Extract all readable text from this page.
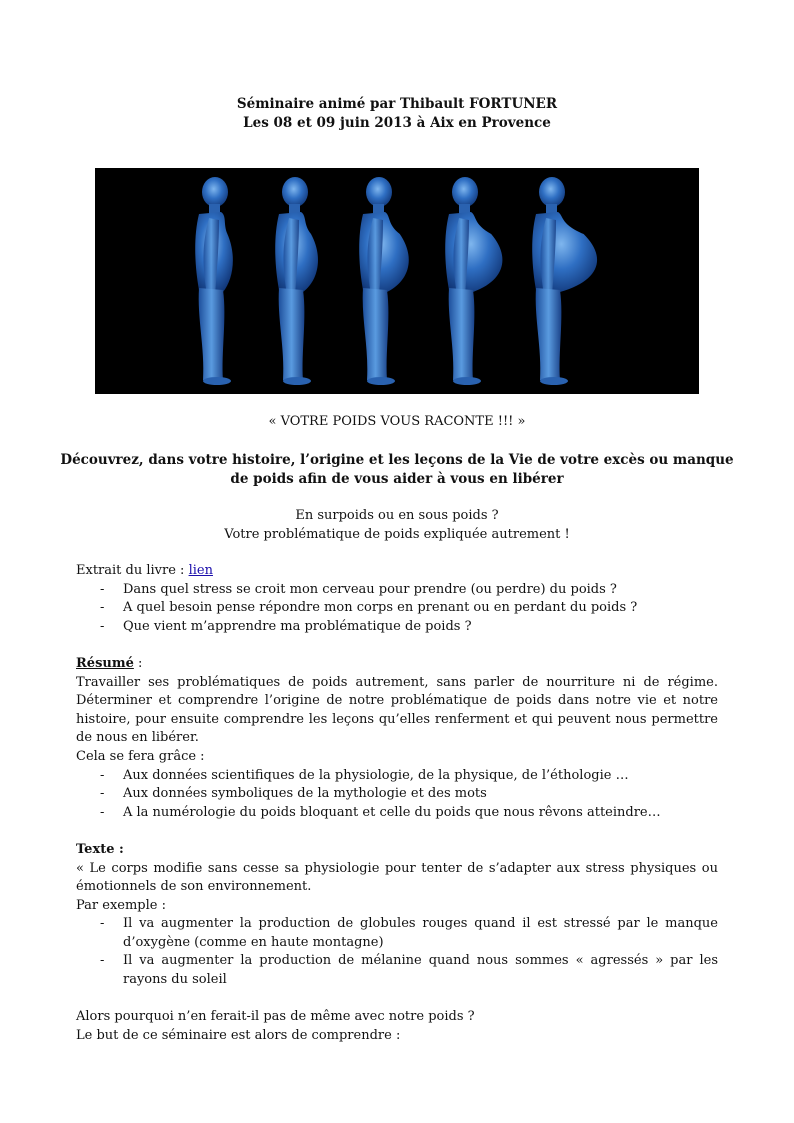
Séminaire animé par Thibault FORTUNER
Les 08 et 09 juin 2013 à Aix en Provence
« VOTRE POIDS VOUS RACONTE !!! »
Découvrez, dans votre histoire, l’origine et les leçons de la Vie de votre excès ou manque
de poids afin de vous aider à vous en libérer
En surpoids ou en sous poids ?
Votre problématique de poids expliquée autrement !
Extrait du livre : lien
- Dans quel stress se croit mon cerveau pour prendre (ou perdre) du poids ?
- A quel besoin pense répondre mon corps en prenant ou en perdant du poids ?
- Que vient m’apprendre ma problématique de poids ?
Résumé :
Travailler ses problématiques de poids autrement, sans parler de nourriture ni de régime.
Déterminer et comprendre l’origine de notre problématique de poids dans notre vie et notre
histoire, pour ensuite comprendre les leçons qu’elles renferment et qui peuvent nous permettre
de nous en libérer.
Cela se fera grâce :
- Aux données scientifiques de la physiologie, de la physique, de l’éthologie …
- Aux données symboliques de la mythologie et des mots
- A la numérologie du poids bloquant et celle du poids que nous rêvons atteindre…
Texte :
« Le corps modifie sans cesse sa physiologie pour tenter de s’adapter aux stress physiques ou
émotionnels de son environnement.
Par exemple :
- Il va augmenter la production de globules rouges quand il est stressé par le manque
d’oxygène (comme en haute montagne)
- Il va augmenter la production de mélanine quand nous sommes « agressés » par les
rayons du soleil
Alors pourquoi n’en ferait-il pas de même avec notre poids ?
Le but de ce séminaire est alors de comprendre :
